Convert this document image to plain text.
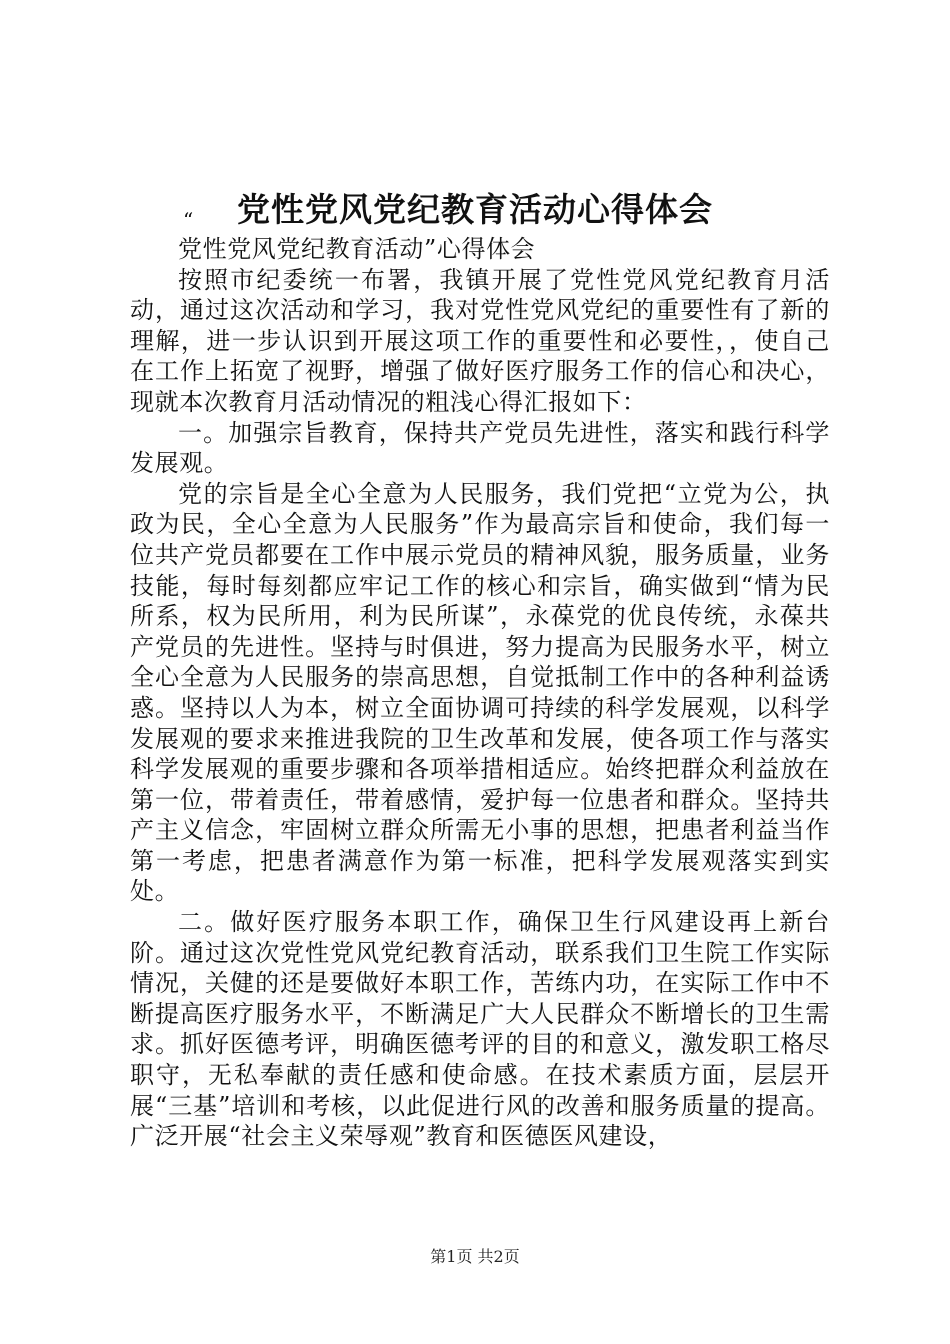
党性党风党纪教育活动心得体会
“

党性党风党纪教育活动”心得体会

按照市纪委统一布署，我镇开展了党性党风党纪教育月活动，通过这次活动和学习，我对党性党风党纪的重要性有了新的理解，进一步认识到开展这项工作的重要性和必要性，，使自己在工作上拓宽了视野，增强了做好医疗服务工作的信心和决心，现就本次教育月活动情况的粗浅心得汇报如下：

一。加强宗旨教育，保持共产党员先进性，落实和践行科学发展观。

党的宗旨是全心全意为人民服务，我们党把“立党为公，执政为民，全心全意为人民服务”作为最高宗旨和使命，我们每一位共产党员都要在工作中展示党员的精神风貌，服务质量，业务技能，每时每刻都应牢记工作的核心和宗旨，确实做到“情为民所系，权为民所用，利为民所谋”，永葆党的优良传统，永葆共产党员的先进性。坚持与时俱进，努力提高为民服务水平，树立全心全意为人民服务的崇高思想，自觉抵制工作中的各种利益诱惑。坚持以人为本，树立全面协调可持续的科学发展观，以科学发展观的要求来推进我院的卫生改革和发展，使各项工作与落实科学发展观的重要步骤和各项举措相适应。始终把群众利益放在第一位，带着责任，带着感情，爱护每一位患者和群众。坚持共产主义信念，牢固树立群众所需无小事的思想，把患者利益当作第一考虑，把患者满意作为第一标准，把科学发展观落实到实处。

二。做好医疗服务本职工作，确保卫生行风建设再上新台阶。通过这次党性党风党纪教育活动，联系我们卫生院工作实际情况，关健的还是要做好本职工作，苦练内功，在实际工作中不断提高医疗服务水平，不断满足广大人民群众不断增长的卫生需求。抓好医德考评，明确医德考评的目的和意义，激发职工格尽职守，无私奉献的责任感和使命感。在技术素质方面，层层开展“三基”培训和考核，以此促进行风的改善和服务质量的提高。广泛开展“社会主义荣辱观”教育和医德医风建设，

第1页 共2页
